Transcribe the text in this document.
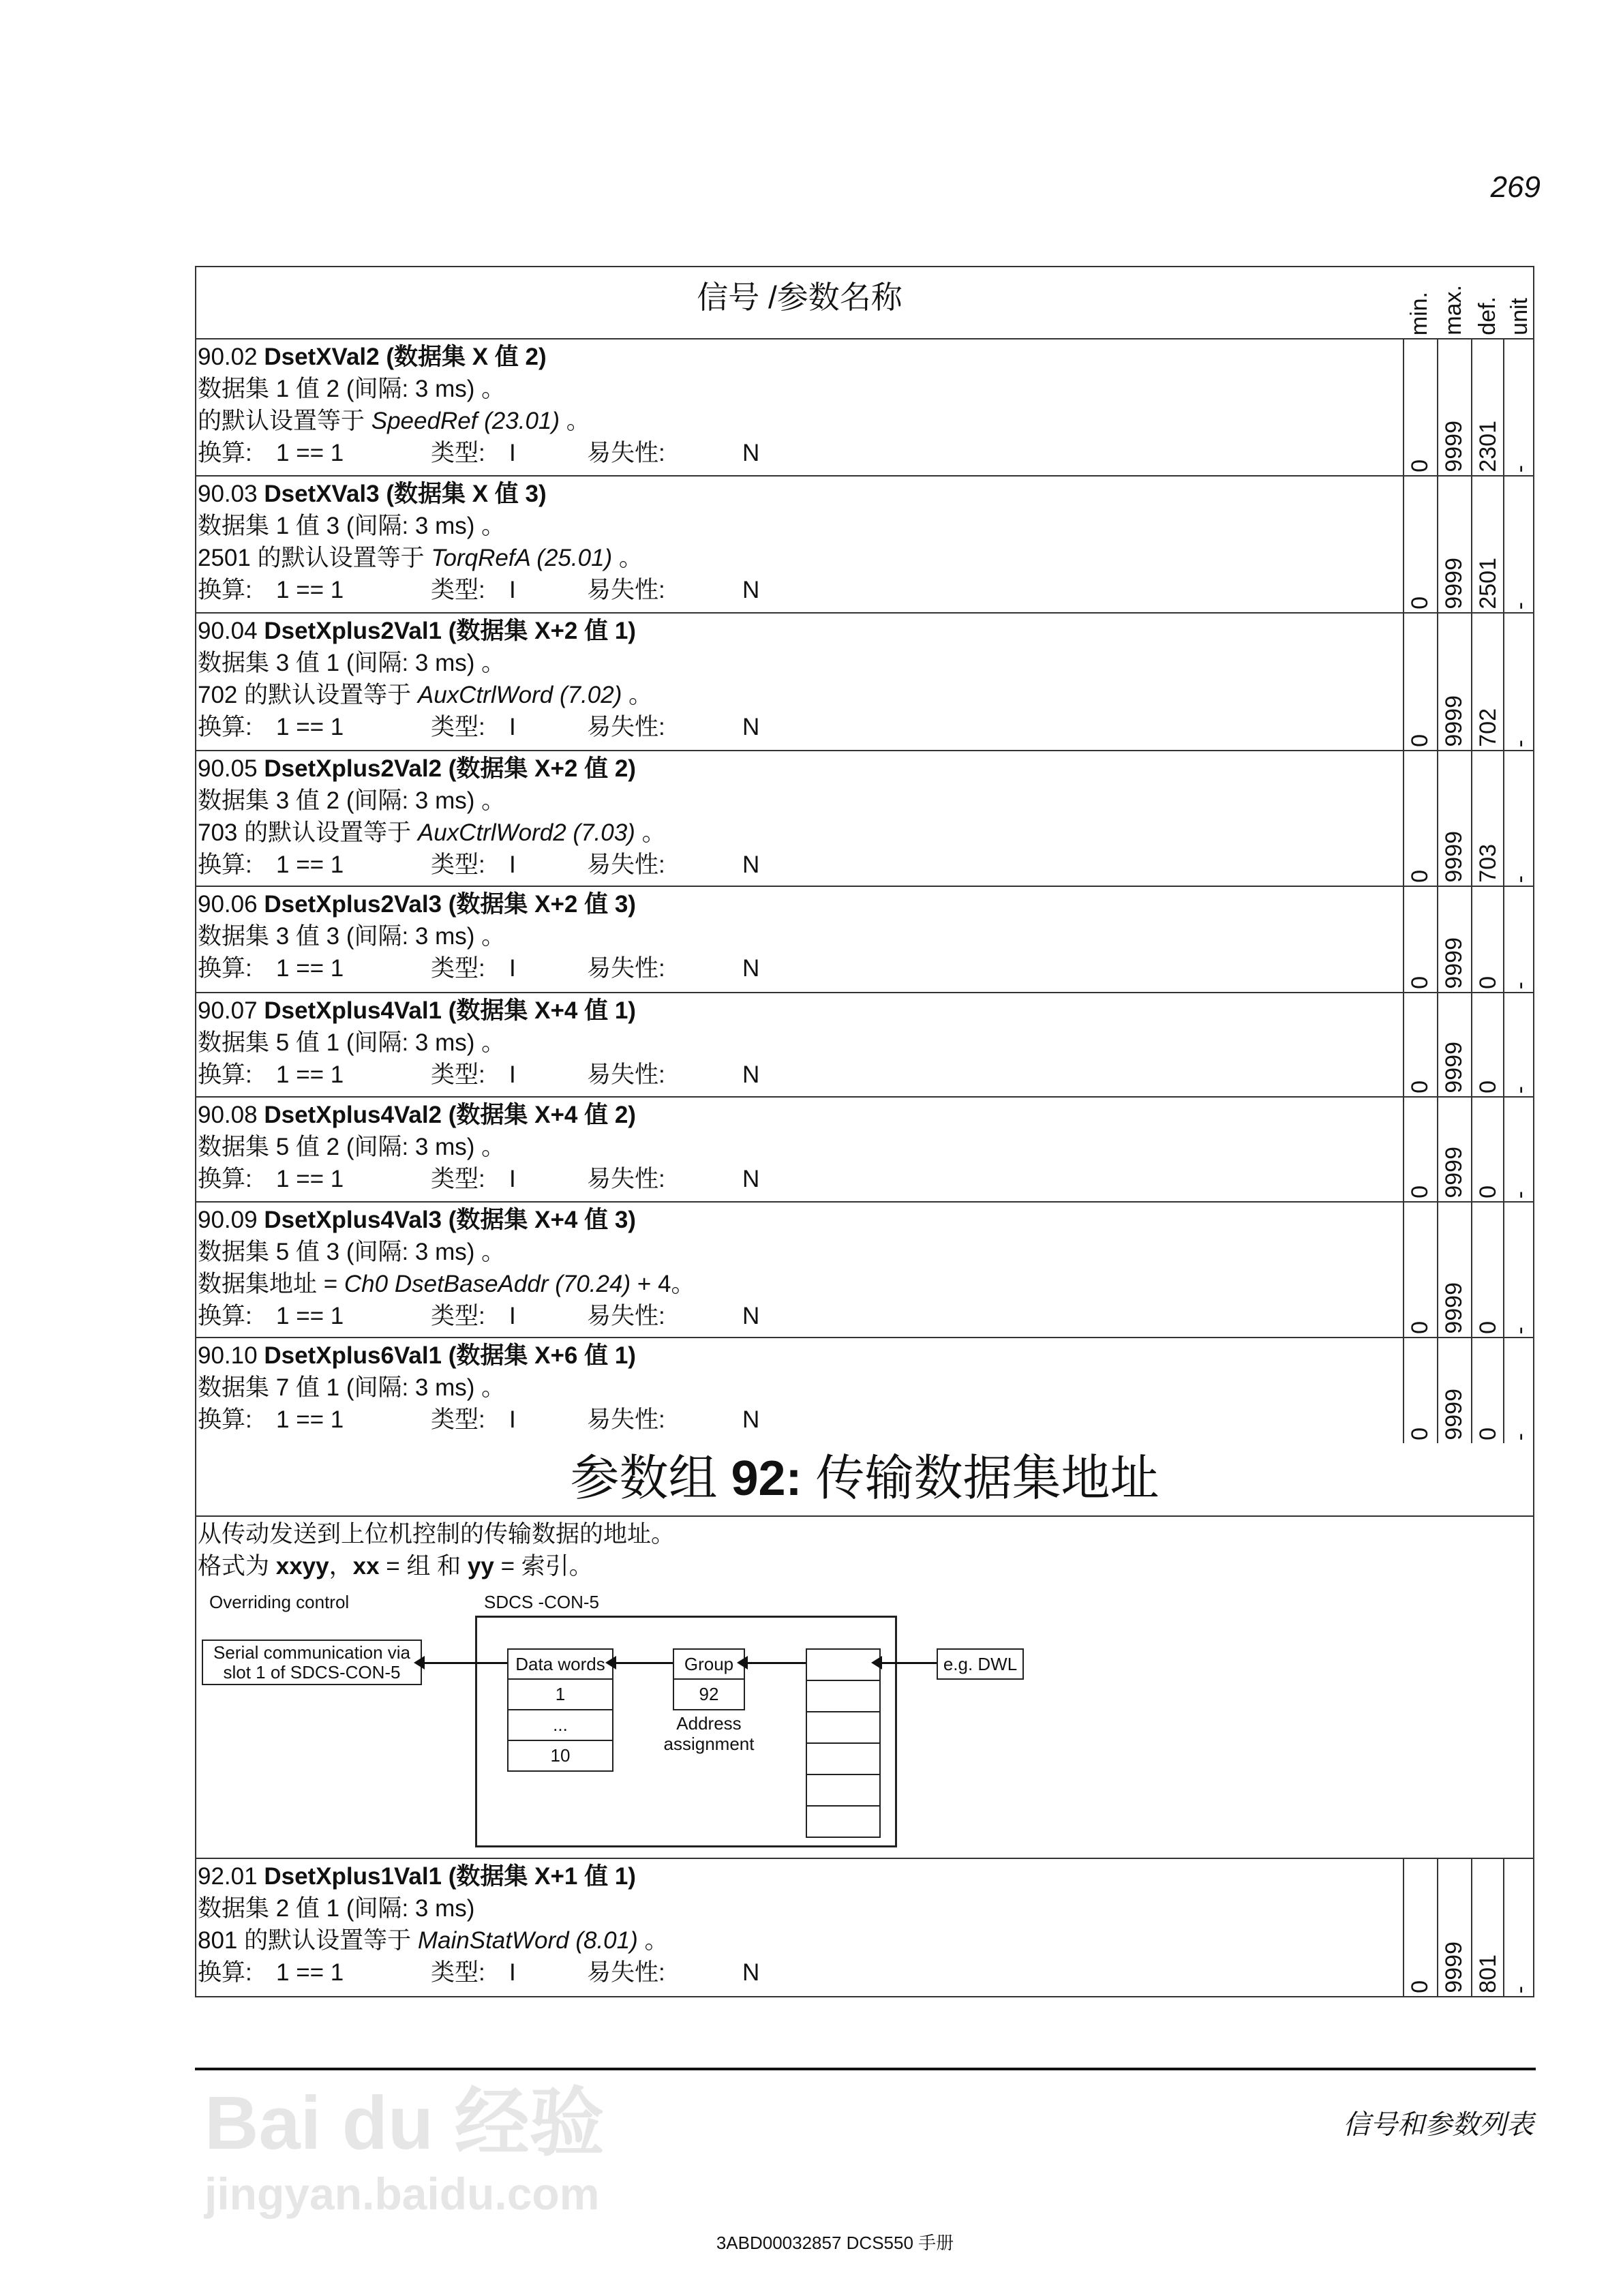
269
Bai du 经验
jingyan.baidu.com
信号 /参数名称	min. max. def. unit
90.02 DsetXVal2 (数据集 X 值 2)
数据集 1 值 2 (间隔: 3 ms) 。
的默认设置等于 SpeedRef (23.01) 。
换算: 1 == 1	类型: I	易失性:	N	0 9999 2301 -
90.03 DsetXVal3 (数据集 X 值 3)
数据集 1 值 3 (间隔: 3 ms) 。
2501 的默认设置等于 TorqRefA (25.01) 。
换算: 1 == 1	类型: I	易失性:	N	0 9999 2501 -
90.04 DsetXplus2Val1 (数据集 X+2 值 1)
数据集 3 值 1 (间隔: 3 ms) 。
702 的默认设置等于 AuxCtrlWord (7.02) 。
换算: 1 == 1	类型: I	易失性:	N
0 9999 702 -
90.05 DsetXplus2Val2 (数据集 X+2 值 2)
数据集 3 值 2 (间隔: 3 ms) 。
703 的默认设置等于 AuxCtrlWord2 (7.03) 。
换算: 1 == 1	类型: I	易失性:	N	0 9999 703 -
90.06 DsetXplus2Val3 (数据集 X+2 值 3)
数据集 3 值 3 (间隔: 3 ms) 。
换算: 1 == 1	类型: I	易失性:	N
0 9999 0 -
90.07 DsetXplus4Val1 (数据集 X+4 值 1)
数据集 5 值 1 (间隔: 3 ms) 。
换算: 1 == 1	类型: I	易失性:	N	0 9999 0 -
90.08 DsetXplus4Val2 (数据集 X+4 值 2)
数据集 5 值 2 (间隔: 3 ms) 。
换算: 1 == 1	类型: I	易失性:	N	0 9999 0 -
90.09 DsetXplus4Val3 (数据集 X+4 值 3)
数据集 5 值 3 (间隔: 3 ms) 。
数据集地址 = Ch0 DsetBaseAddr (70.24) + 4。
换算: 1 == 1	类型: I	易失性:	N	0 9999 0 -
90.10 DsetXplus6Val1 (数据集 X+6 值 1)
数据集 7 值 1 (间隔: 3 ms) 。
换算: 1 == 1	类型: I	易失性:	N
0 9999 0 -
参数组 92: 传输数据集地址
从传动发送到上位机控制的传输数据的地址。
格式为 xxyy，xx = 组 和 yy = 索引。
Overriding control	SDCS -CON-5
Serial communication via
slot 1 of SDCS-CON-5	Data words
1
...
10
Group
92
Address
assignment
e.g. DWL
92.01 DsetXplus1Val1 (数据集 X+1 值 1)
数据集 2 值 1 (间隔: 3 ms)
801 的默认设置等于 MainStatWord (8.01) 。
换算: 1 == 1	类型: I	易失性:	N
0 9999 801 -
信号和参数列表
3ABD00032857 DCS550 手册
